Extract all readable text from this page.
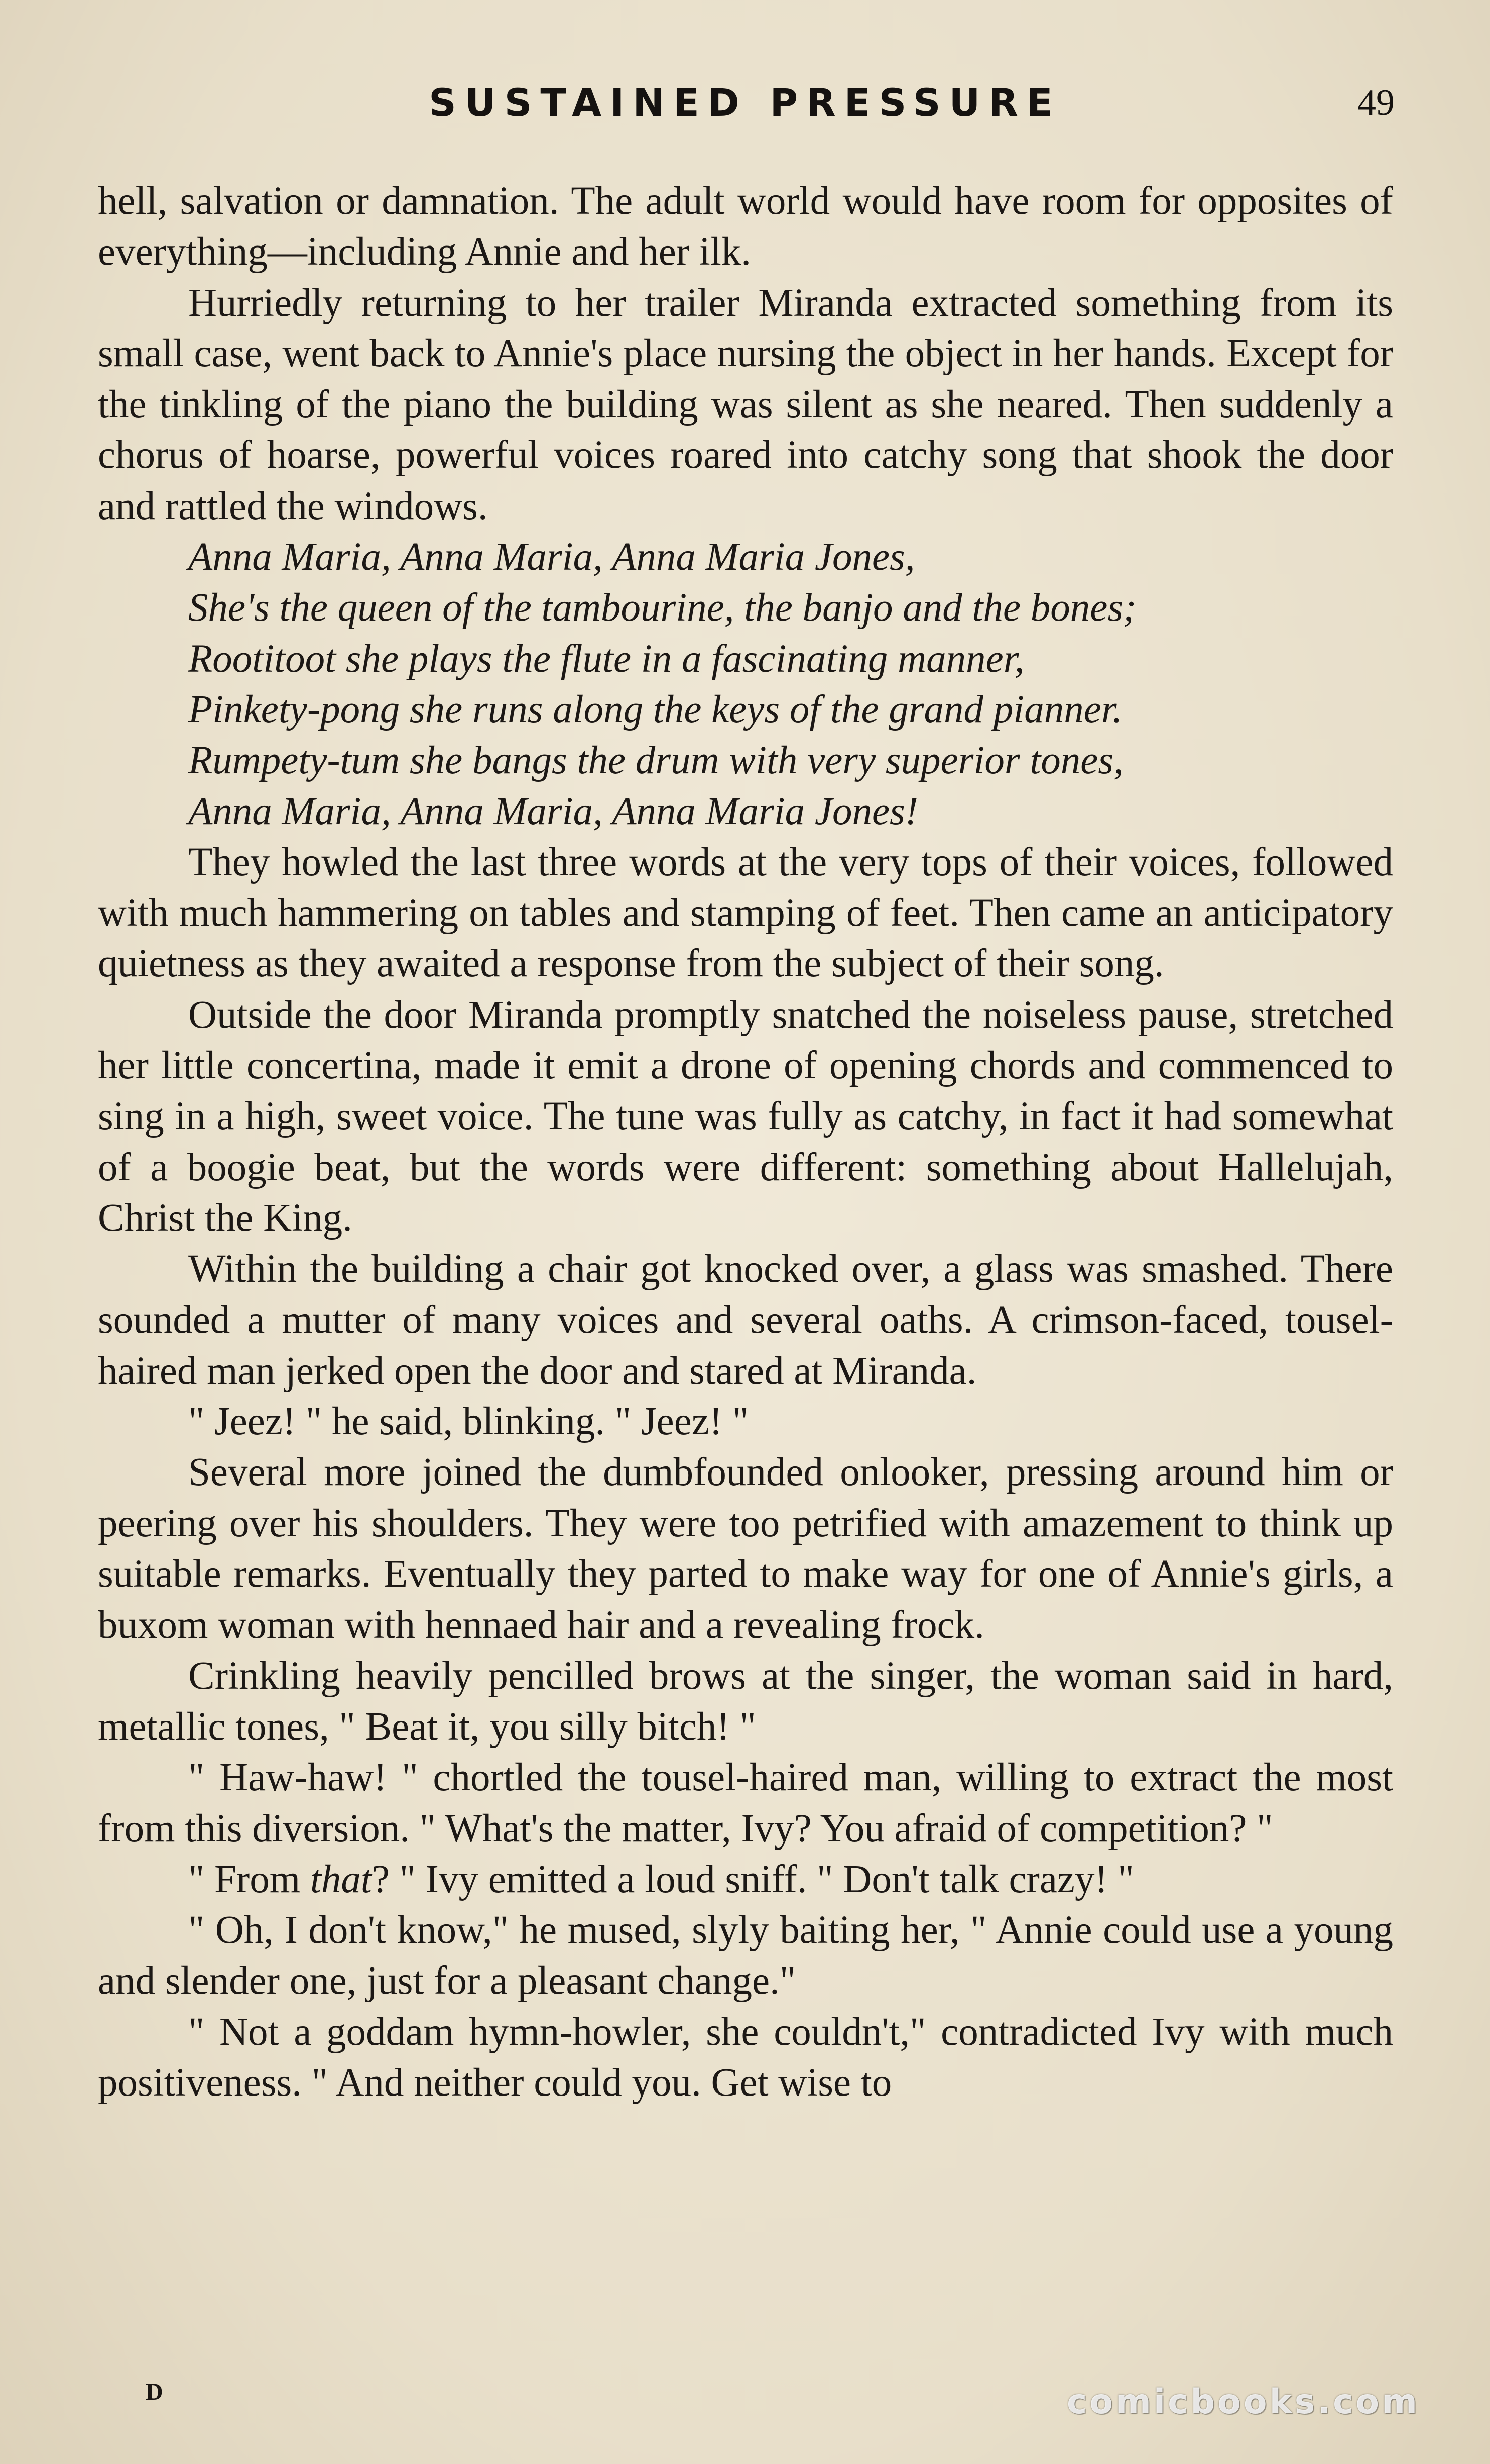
SUSTAINED PRESSURE	49

hell, salvation or damnation. The adult world would have room for opposites of everything—including Annie and her ilk.

Hurriedly returning to her trailer Miranda extracted something from its small case, went back to Annie's place nursing the object in her hands. Except for the tinkling of the piano the building was silent as she neared. Then suddenly a chorus of hoarse, powerful voices roared into catchy song that shook the door and rattled the windows.

Anna Maria, Anna Maria, Anna Maria Jones,
She's the queen of the tambourine, the banjo and the bones;
Rootitoot she plays the flute in a fascinating manner,
Pinkety-pong she runs along the keys of the grand pianner.
Rumpety-tum she bangs the drum with very superior tones,
Anna Maria, Anna Maria, Anna Maria Jones!

They howled the last three words at the very tops of their voices, followed with much hammering on tables and stamping of feet. Then came an anticipatory quietness as they awaited a response from the subject of their song.

Outside the door Miranda promptly snatched the noiseless pause, stretched her little concertina, made it emit a drone of opening chords and commenced to sing in a high, sweet voice. The tune was fully as catchy, in fact it had somewhat of a boogie beat, but the words were different: something about Hallelujah, Christ the King.

Within the building a chair got knocked over, a glass was smashed. There sounded a mutter of many voices and several oaths. A crimson-faced, tousel-haired man jerked open the door and stared at Miranda.

" Jeez! " he said, blinking. " Jeez! "

Several more joined the dumbfounded onlooker, pressing around him or peering over his shoulders. They were too petrified with amazement to think up suitable remarks. Eventually they parted to make way for one of Annie's girls, a buxom woman with hennaed hair and a revealing frock.

Crinkling heavily pencilled brows at the singer, the woman said in hard, metallic tones, " Beat it, you silly bitch! "

" Haw-haw! " chortled the tousel-haired man, willing to extract the most from this diversion. " What's the matter, Ivy? You afraid of competition? "

" From that? " Ivy emitted a loud sniff. " Don't talk crazy! "

" Oh, I don't know," he mused, slyly baiting her, " Annie could use a young and slender one, just for a pleasant change."

" Not a goddam hymn-howler, she couldn't," contradicted Ivy with much positiveness. " And neither could you. Get wise to

D	comicbooks.com
